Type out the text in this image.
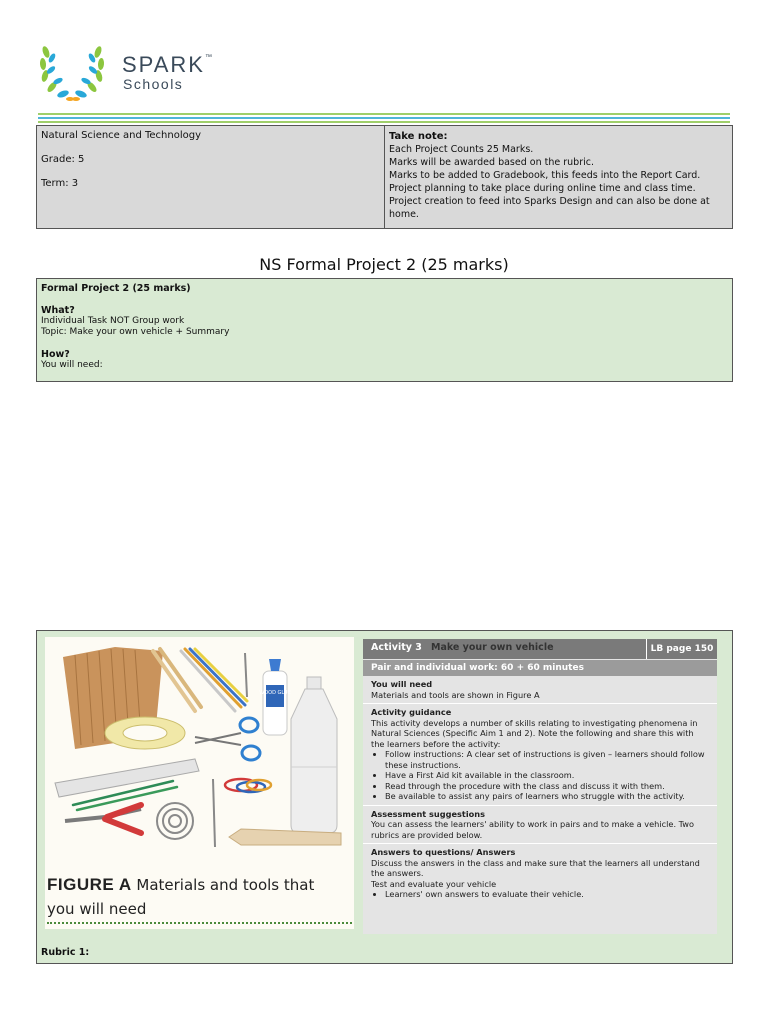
SPARK™
Schools
Natural Science and Technology
Grade: 5
Term: 3
Take note:
Each Project Counts 25 Marks.
Marks will be awarded based on the rubric.
Marks to be added to Gradebook, this feeds into the Report Card.
Project planning to take place during online time and class time.
Project creation to feed into Sparks Design and can also be done at home.
NS Formal Project 2 (25 marks)
Formal Project 2 (25 marks)
What?
Individual Task NOT Group work
Topic: Make your own vehicle + Summary
How?
You will need:
WOOD GLUE
FIGURE A Materials and tools that
you will need
Activity 3 Make your own vehicle	LB page 150
Pair and individual work: 60 + 60 minutes
You will need
Materials and tools are shown in Figure A
Activity guidance
This activity develops a number of skills relating to investigating phenomena in Natural Sciences (Specific Aim 1 and 2). Note the following and share this with the learners before the activity:
• Follow instructions: A clear set of instructions is given – learners should follow these instructions.
• Have a First Aid kit available in the classroom.
• Read through the procedure with the class and discuss it with them.
• Be available to assist any pairs of learners who struggle with the activity.
Assessment suggestions
You can assess the learners' ability to work in pairs and to make a vehicle. Two rubrics are provided below.
Answers to questions/ Answers
Discuss the answers in the class and make sure that the learners all understand the answers.
Test and evaluate your vehicle
• Learners' own answers to evaluate their vehicle.
Rubric 1:
